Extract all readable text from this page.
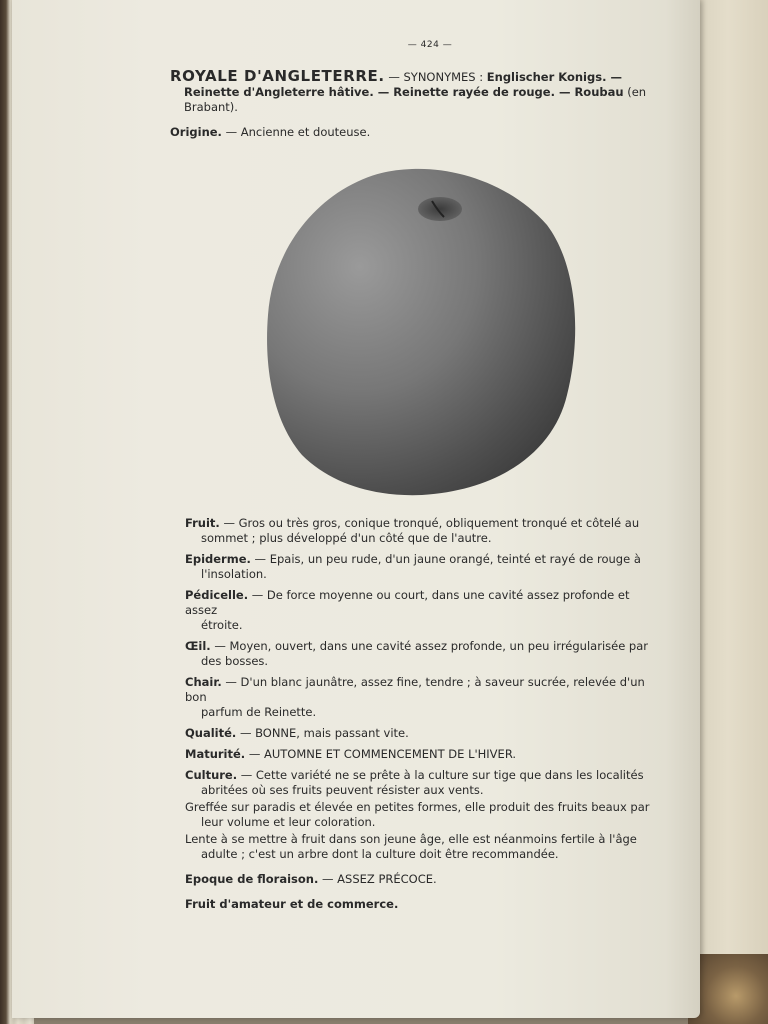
— 424 —

ROYALE D'ANGLETERRE. — SYNONYMES : Englischer Konigs. —

Reinette d'Angleterre hâtive. — Reinette rayée de rouge. — Roubau (en

Brabant).

Origine. — Ancienne et douteuse.

Fruit. — Gros ou très gros, conique tronqué, obliquement tronqué et côtelé au
sommet ; plus développé d'un côté que de l'autre.

Epiderme. — Epais, un peu rude, d'un jaune orangé, teinté et rayé de rouge à
l'insolation.

Pédicelle. — De force moyenne ou court, dans une cavité assez profonde et assez
étroite.

Œil. — Moyen, ouvert, dans une cavité assez profonde, un peu irrégularisée par
des bosses.

Chair. — D'un blanc jaunâtre, assez fine, tendre ; à saveur sucrée, relevée d'un bon
parfum de Reinette.

Qualité. — BONNE, mais passant vite.

Maturité. — AUTOMNE ET COMMENCEMENT DE L'HIVER.

Culture. — Cette variété ne se prête à la culture sur tige que dans les localités
abritées où ses fruits peuvent résister aux vents.

Greffée sur paradis et élevée en petites formes, elle produit des fruits beaux par
leur volume et leur coloration.

Lente à se mettre à fruit dans son jeune âge, elle est néanmoins fertile à l'âge
adulte ; c'est un arbre dont la culture doit être recommandée.

Epoque de floraison. — ASSEZ PRÉCOCE.

Fruit d'amateur et de commerce.
